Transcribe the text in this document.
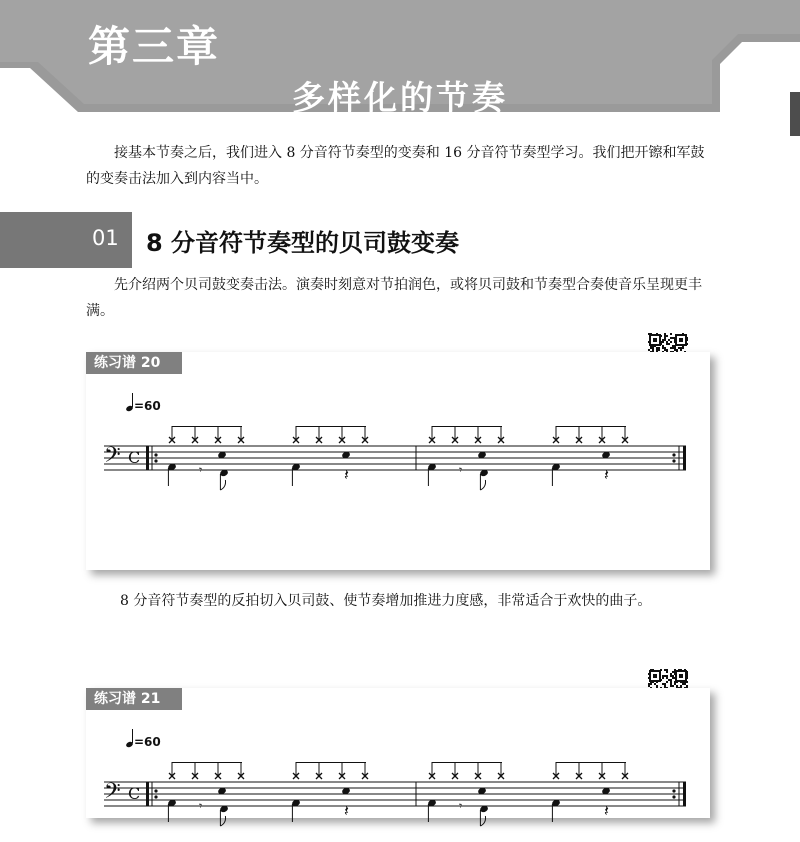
第三章
多样化的节奏

接基本节奏之后，我们进入 8 分音符节奏型的变奏和 16 分音符节奏型学习。我们把开镲和军鼓的变奏击法加入到内容当中。

01 8 分音符节奏型的贝司鼓变奏

先介绍两个贝司鼓变奏击法。演奏时刻意对节拍润色，或将贝司鼓和节奏型合奏使音乐呈现更丰满。

练习谱 20
=60
𝄢 C
𝄾	𝄽	𝄾	𝄽

8 分音符节奏型的反拍切入贝司鼓、使节奏增加推进力度感，非常适合于欢快的曲子。

练习谱 21
=60
𝄢 C
𝄾	𝄽	𝄾	𝄽
